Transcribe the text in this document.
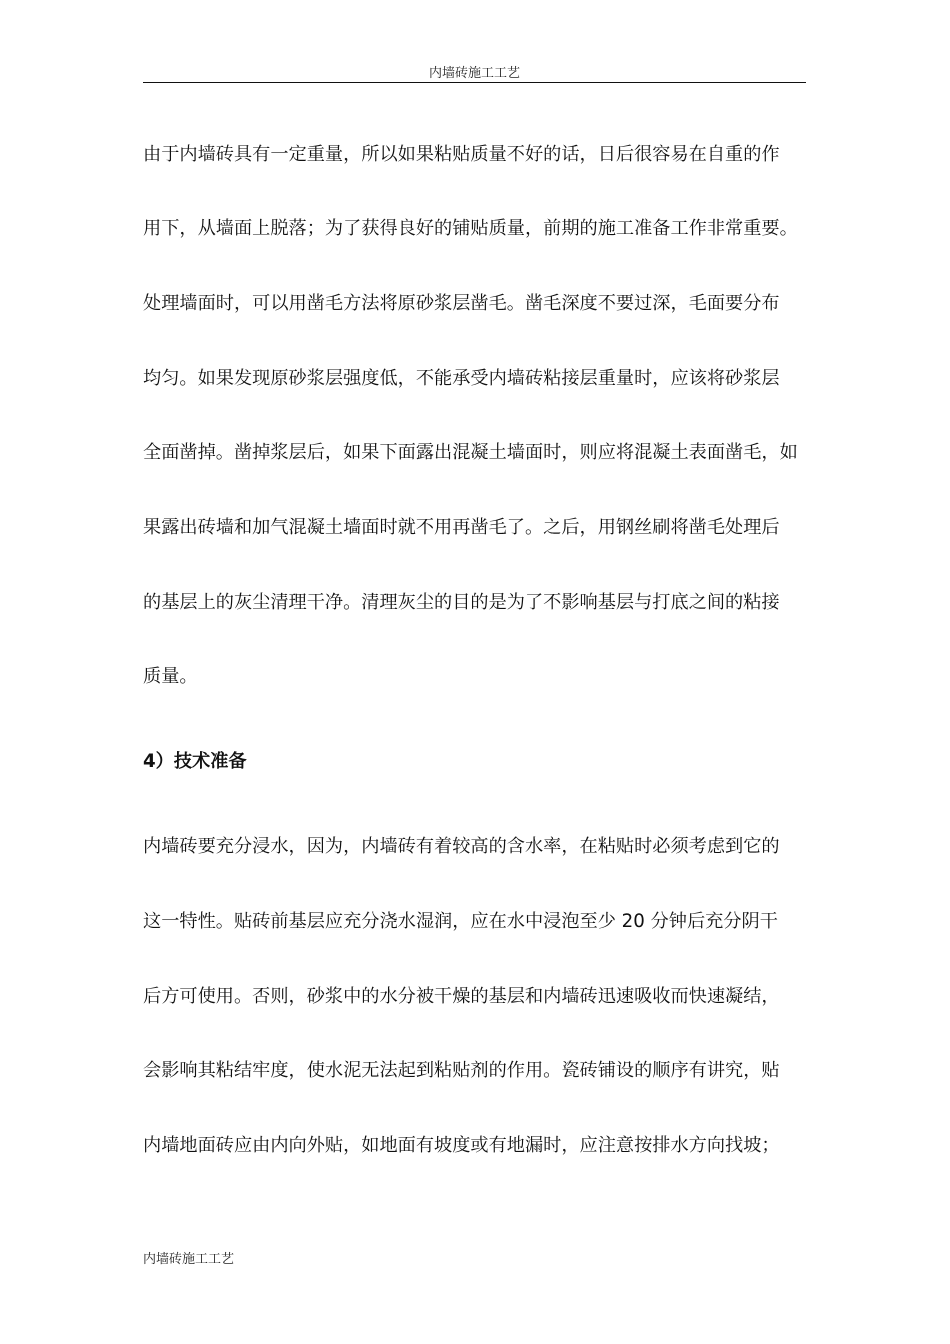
内墙砖施工工艺
由于内墙砖具有一定重量，所以如果粘贴质量不好的话，日后很容易在自重的作
用下，从墙面上脱落；为了获得良好的铺贴质量，前期的施工准备工作非常重要。
处理墙面时，可以用凿毛方法将原砂浆层凿毛。凿毛深度不要过深，毛面要分布
均匀。如果发现原砂浆层强度低，不能承受内墙砖粘接层重量时，应该将砂浆层
全面凿掉。凿掉浆层后，如果下面露出混凝土墙面时，则应将混凝土表面凿毛，如
果露出砖墙和加气混凝土墙面时就不用再凿毛了。之后，用钢丝刷将凿毛处理后
的基层上的灰尘清理干净。清理灰尘的目的是为了不影响基层与打底之间的粘接
质量。
4）技术准备
内墙砖要充分浸水，因为，内墙砖有着较高的含水率，在粘贴时必须考虑到它的
这一特性。贴砖前基层应充分浇水湿润，应在水中浸泡至少 20 分钟后充分阴干
后方可使用。否则，砂浆中的水分被干燥的基层和内墙砖迅速吸收而快速凝结，
会影响其粘结牢度，使水泥无法起到粘贴剂的作用。瓷砖铺设的顺序有讲究，贴
内墙地面砖应由内向外贴，如地面有坡度或有地漏时，应注意按排水方向找坡；
内墙砖施工工艺
